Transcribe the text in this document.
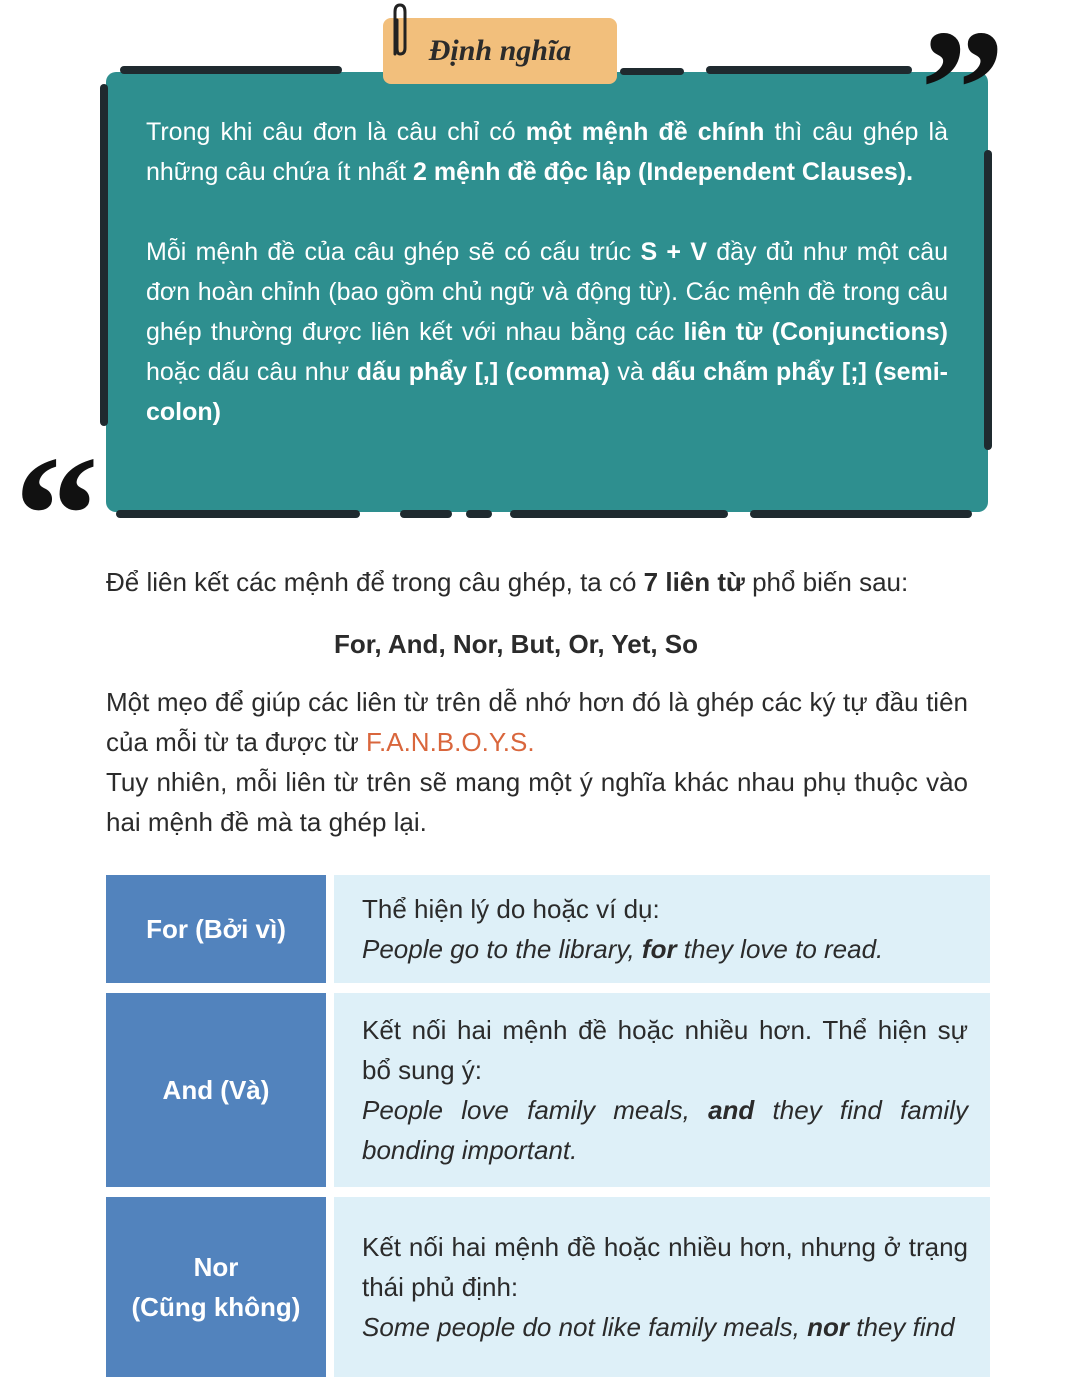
Định nghĩa ”
“

Trong khi câu đơn là câu chỉ có một mệnh đề chính thì câu ghép là những câu chứa ít nhất 2 mệnh đề độc lập (Independent Clauses).

Mỗi mệnh đề của câu ghép sẽ có cấu trúc S + V đầy đủ như một câu đơn hoàn chỉnh (bao gồm chủ ngữ và động từ). Các mệnh đề trong câu ghép thường được liên kết với nhau bằng các liên từ (Conjunctions) hoặc dấu câu như dấu phẩy [,] (comma) và dấu chấm phẩy [;] (semi-colon)

Để liên kết các mệnh để trong câu ghép, ta có 7 liên từ phổ biến sau:
For, And, Nor, But, Or, Yet, So

Một mẹo để giúp các liên từ trên dễ nhớ hơn đó là ghép các ký tự đầu tiên của mỗi từ ta được từ F.A.N.B.O.Y.S.

Tuy nhiên, mỗi liên từ trên sẽ mang một ý nghĩa khác nhau phụ thuộc vào hai mệnh đề mà ta ghép lại.

For (Bởi vì)
Thể hiện lý do hoặc ví dụ:
People go to the library, for they love to read.
And (Và)
Kết nối hai mệnh đề hoặc nhiều hơn. Thể hiện sự bổ sung ý:
People love family meals, and they find family bonding important.
Nor
(Cũng không)
Kết nối hai mệnh đề hoặc nhiều hơn, nhưng ở trạng thái phủ định:
Some people do not like family meals, nor they find
